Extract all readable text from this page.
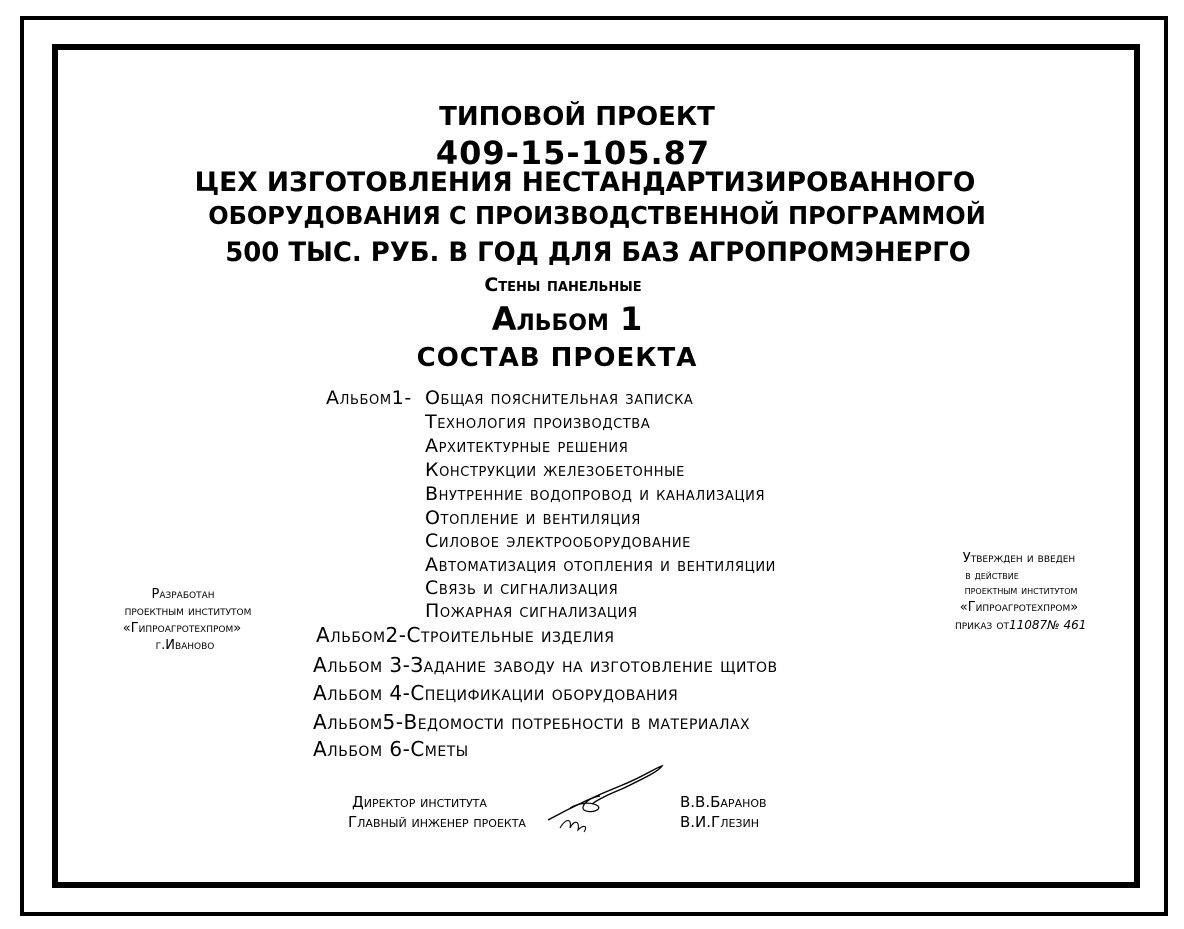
ТИПОВОЙ ПРОЕКТ
409-15-105.87
ЦЕХ ИЗГОТОВЛЕНИЯ НЕСТАНДАРТИЗИРОВАННОГО
ОБОРУДОВАНИЯ С ПРОИЗВОДСТВЕННОЙ ПРОГРАММОЙ
500 ТЫС. РУБ. В ГОД ДЛЯ БАЗ АГРОПРОМЭНЕРГО
Стены панельные
Альбом 1
СОСТАВ ПРОЕКТА
Альбом1- Общая пояснительная записка
Технология производства
Архитектурные решения
Конструкции железобетонные
Внутренние водопровод и канализация
Отопление и вентиляция
Силовое электрооборудование
Автоматизация отопления и вентиляции
Связь и сигнализация
Пожарная сигнализация
Альбом2-Строительные изделия
Альбом 3-Задание заводу на изготовление щитов
Альбом 4-Спецификации оборудования
Альбом5-Ведомости потребности в материалах
Альбом 6-Сметы
Разработан
проектным институтом
«Гипроагротехпром»
г.Иваново
Утвержден и введен
в действие
проектным институтом
«Гипроагротехпром»
приказ от11087№ 461
Директор института
Главный инженер проекта
В.В.Баранов
В.И.Глезин
